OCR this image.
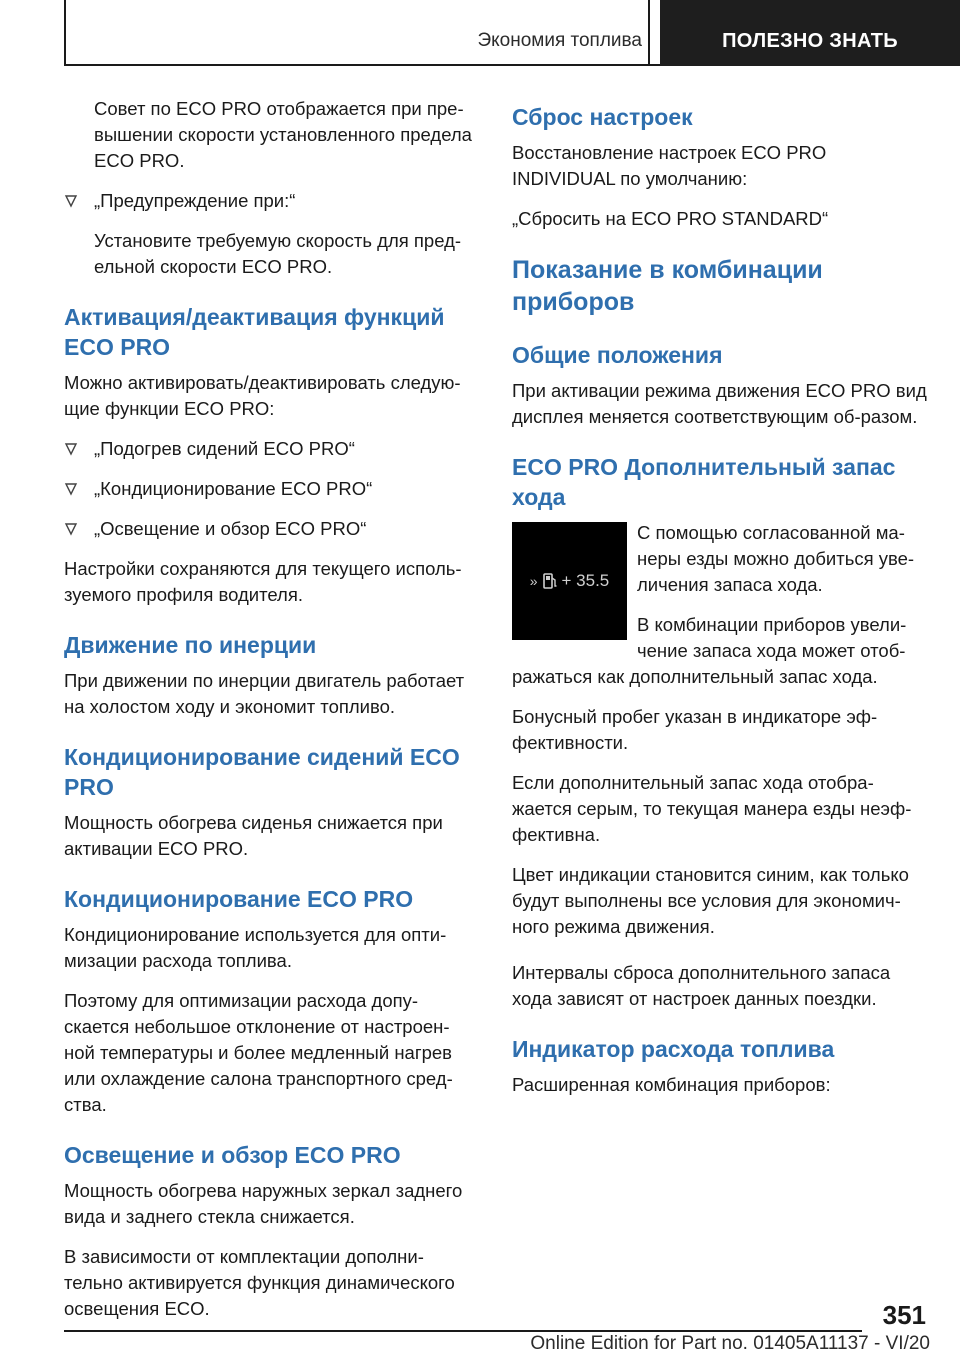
Экономия топлива	ПОЛЕЗНО ЗНАТЬ

Совет по ECO PRO отображается при пре-вышении скорости установленного предела ECO PRO.

„Предупреждение при:“

Установите требуемую скорость для пред-ельной скорости ECO PRO.

Активация/деактивация функций ECO PRO

Можно активировать/деактивировать следую-щие функции ECO PRO:

„Подогрев сидений ECO PRO“
„Кондиционирование ECO PRO“
„Освещение и обзор ECO PRO“

Настройки сохраняются для текущего исполь-зуемого профиля водителя.

Движение по инерции

При движении по инерции двигатель работает на холостом ходу и экономит топливо.

Кондиционирование сидений ECO PRO

Мощность обогрева сиденья снижается при активации ECO PRO.

Кондиционирование ECO PRO

Кондиционирование используется для опти-мизации расхода топлива.

Поэтому для оптимизации расхода допу-скается небольшое отклонение от настроен-ной температуры и более медленный нагрев или охлаждение салона транспортного сред-ства.

Освещение и обзор ECO PRO

Мощность обогрева наружных зеркал заднего вида и заднего стекла снижается.

В зависимости от комплектации дополни-тельно активируется функция динамического освещения ECO.

Сброс настроек

Восстановление настроек ECO PRO INDIVIDUAL по умолчанию:

„Сбросить на ECO PRO STANDARD“

Показание в комбинации приборов
Общие положения

При активации режима движения ECO PRO вид дисплея меняется соответствующим об-разом.

ECO PRO Дополнительный запас хода
» + 35.5

С помощью согласованной ма-неры езды можно добиться уве-личения запаса хода.

В комбинации приборов увели-чение запаса хода может отоб-

ражаться как дополнительный запас хода.

Бонусный пробег указан в индикаторе эф-фективности.

Если дополнительный запас хода отобра-жается серым, то текущая манера езды неэф-фективна.

Цвет индикации становится синим, как только будут выполнены все условия для экономич-ного режима движения.

Интервалы сброса дополнительного запаса хода зависят от настроек данных поездки.

Индикатор расхода топлива

Расширенная комбинация приборов:

351
Online Edition for Part no. 01405A11137 - VI/20
